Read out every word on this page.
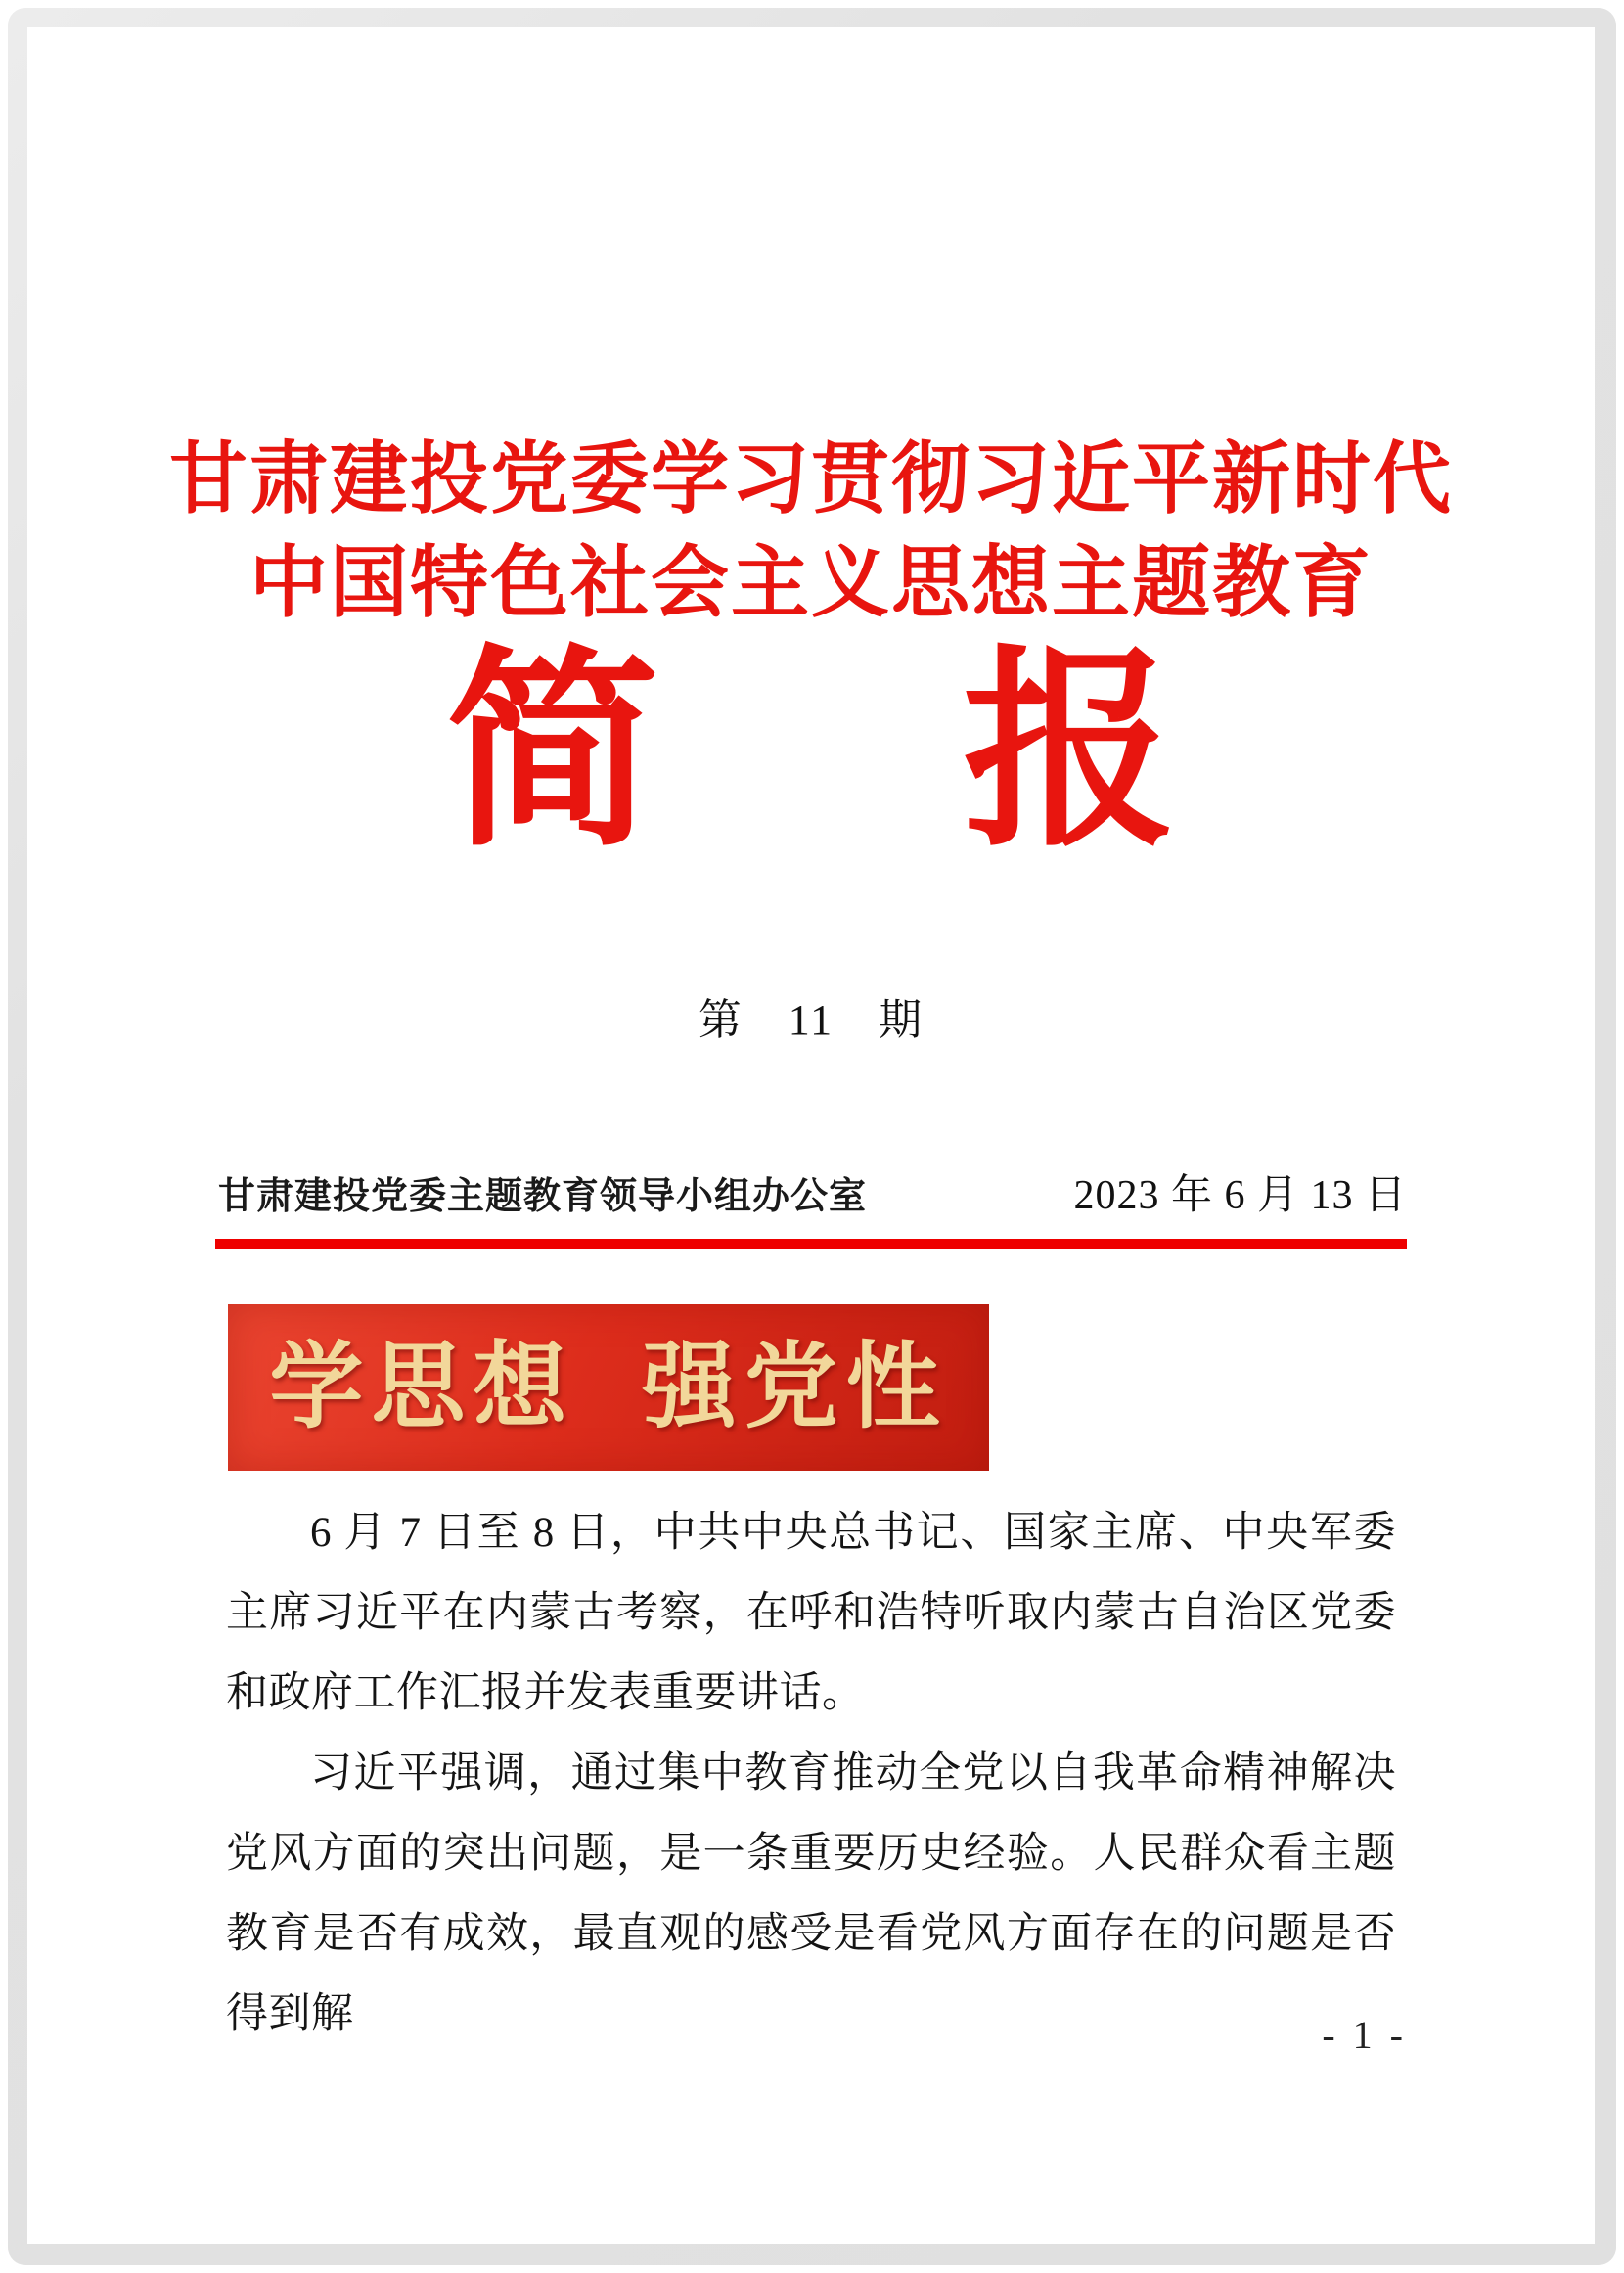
甘肃建投党委学习贯彻习近平新时代
中国特色社会主义思想主题教育
简 报
第　11　期
甘肃建投党委主题教育领导小组办公室	2023 年 6 月 13 日
学思想  强党性

6 月 7 日至 8 日，中共中央总书记、国家主席、中央军委主席习近平在内蒙古考察，在呼和浩特听取内蒙古自治区党委和政府工作汇报并发表重要讲话。

习近平强调，通过集中教育推动全党以自我革命精神解决党风方面的突出问题，是一条重要历史经验。人民群众看主题教育是否有成效，最直观的感受是看党风方面存在的问题是否得到解	- 1 -
